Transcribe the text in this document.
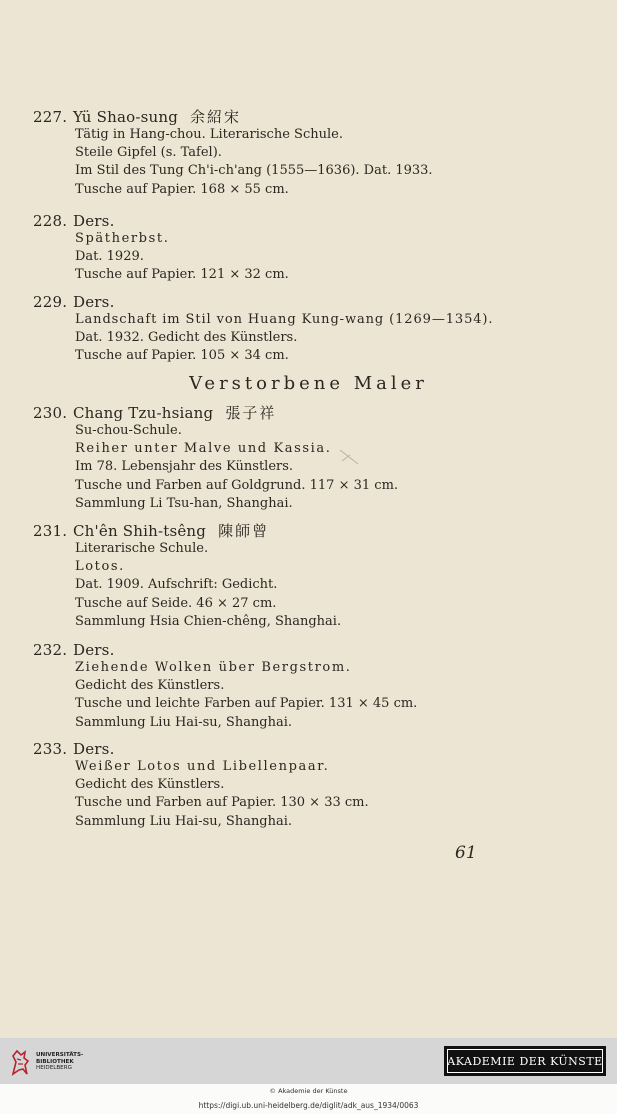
227. Yü Shao-sung 余紹宋
Tätig in Hang-chou. Literarische Schule.
Steile Gipfel (s. Tafel).
Im Stil des Tung Ch'i-ch'ang (1555—1636). Dat. 1933.
Tusche auf Papier. 168 × 55 cm.
228. Ders.
Spätherbst.
Dat. 1929.
Tusche auf Papier. 121 × 32 cm.
229. Ders.
Landschaft im Stil von Huang Kung-wang (1269—1354).
Dat. 1932. Gedicht des Künstlers.
Tusche auf Papier. 105 × 34 cm.
Verstorbene Maler
230. Chang Tzu-hsiang 張子祥
Su-chou-Schule.
Reiher unter Malve und Kassia.
Im 78. Lebensjahr des Künstlers.
Tusche und Farben auf Goldgrund. 117 × 31 cm.
Sammlung Li Tsu-han, Shanghai.
231. Ch'ên Shih-tsêng 陳師曾
Literarische Schule.
Lotos.
Dat. 1909. Aufschrift: Gedicht.
Tusche auf Seide. 46 × 27 cm.
Sammlung Hsia Chien-chêng, Shanghai.
232. Ders.
Ziehende Wolken über Bergstrom.
Gedicht des Künstlers.
Tusche und leichte Farben auf Papier. 131 × 45 cm.
Sammlung Liu Hai-su, Shanghai.
233. Ders.
Weißer Lotos und Libellenpaar.
Gedicht des Künstlers.
Tusche und Farben auf Papier. 130 × 33 cm.
Sammlung Liu Hai-su, Shanghai.
61
UNIVERSITÄTS-
BIBLIOTHEK
HEIDELBERG
AKADEMIE DER KÜNSTE
© Akademie der Künste
https://digi.ub.uni-heidelberg.de/diglit/adk_aus_1934/0063
